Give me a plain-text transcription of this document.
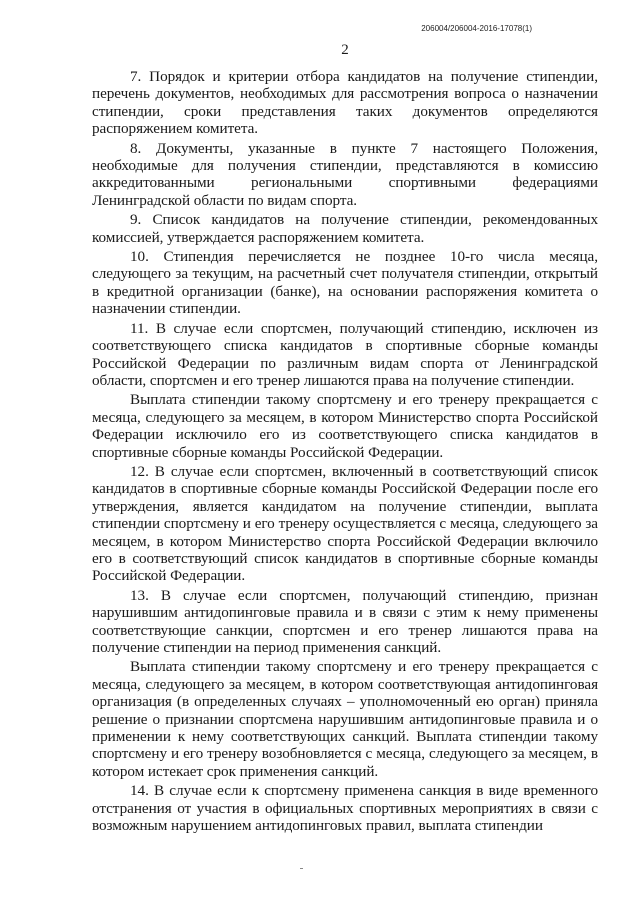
206004/206004-2016-17078(1)
2

7. Порядок и критерии отбора кандидатов на получение стипендии, перечень документов, необходимых для рассмотрения вопроса о назначении стипендии, сроки представления таких документов определяются распоряжением комитета.

8. Документы, указанные в пункте 7 настоящего Положения, необходимые для получения стипендии, представляются в комиссию аккредитованными региональными спортивными федерациями Ленинградской области по видам спорта.

9. Список кандидатов на получение стипендии, рекомендованных комиссией, утверждается распоряжением комитета.

10. Стипендия перечисляется не позднее 10-го числа месяца, следующего за текущим, на расчетный счет получателя стипендии, открытый в кредитной организации (банке), на основании распоряжения комитета о назначении стипендии.

11. В случае если спортсмен, получающий стипендию, исключен из соответствующего списка кандидатов в спортивные сборные команды Российской Федерации по различным видам спорта от Ленинградской области, спортсмен и его тренер лишаются права на получение стипендии.

Выплата стипендии такому спортсмену и его тренеру прекращается с месяца, следующего за месяцем, в котором Министерство спорта Российской Федерации исключило его из соответствующего списка кандидатов в спортивные сборные команды Российской Федерации.

12. В случае если спортсмен, включенный в соответствующий список кандидатов в спортивные сборные команды Российской Федерации после его утверждения, является кандидатом на получение стипендии, выплата стипендии спортсмену и его тренеру осуществляется с месяца, следующего за месяцем, в котором Министерство спорта Российской Федерации включило его в соответствующий список кандидатов в спортивные сборные команды Российской Федерации.

13. В случае если спортсмен, получающий стипендию, признан нарушившим антидопинговые правила и в связи с этим к нему применены соответствующие санкции, спортсмен и его тренер лишаются права на получение стипендии на период применения санкций.

Выплата стипендии такому спортсмену и его тренеру прекращается с месяца, следующего за месяцем, в котором соответствующая антидопинговая организация (в определенных случаях – уполномоченный ею орган) приняла решение о признании спортсмена нарушившим антидопинговые правила и о применении к нему соответствующих санкций. Выплата стипендии такому спортсмену и его тренеру возобновляется с месяца, следующего за месяцем, в котором истекает срок применения санкций.

14. В случае если к спортсмену применена санкция в виде временного отстранения от участия в официальных спортивных мероприятиях в связи с возможным нарушением антидопинговых правил, выплата стипендии
